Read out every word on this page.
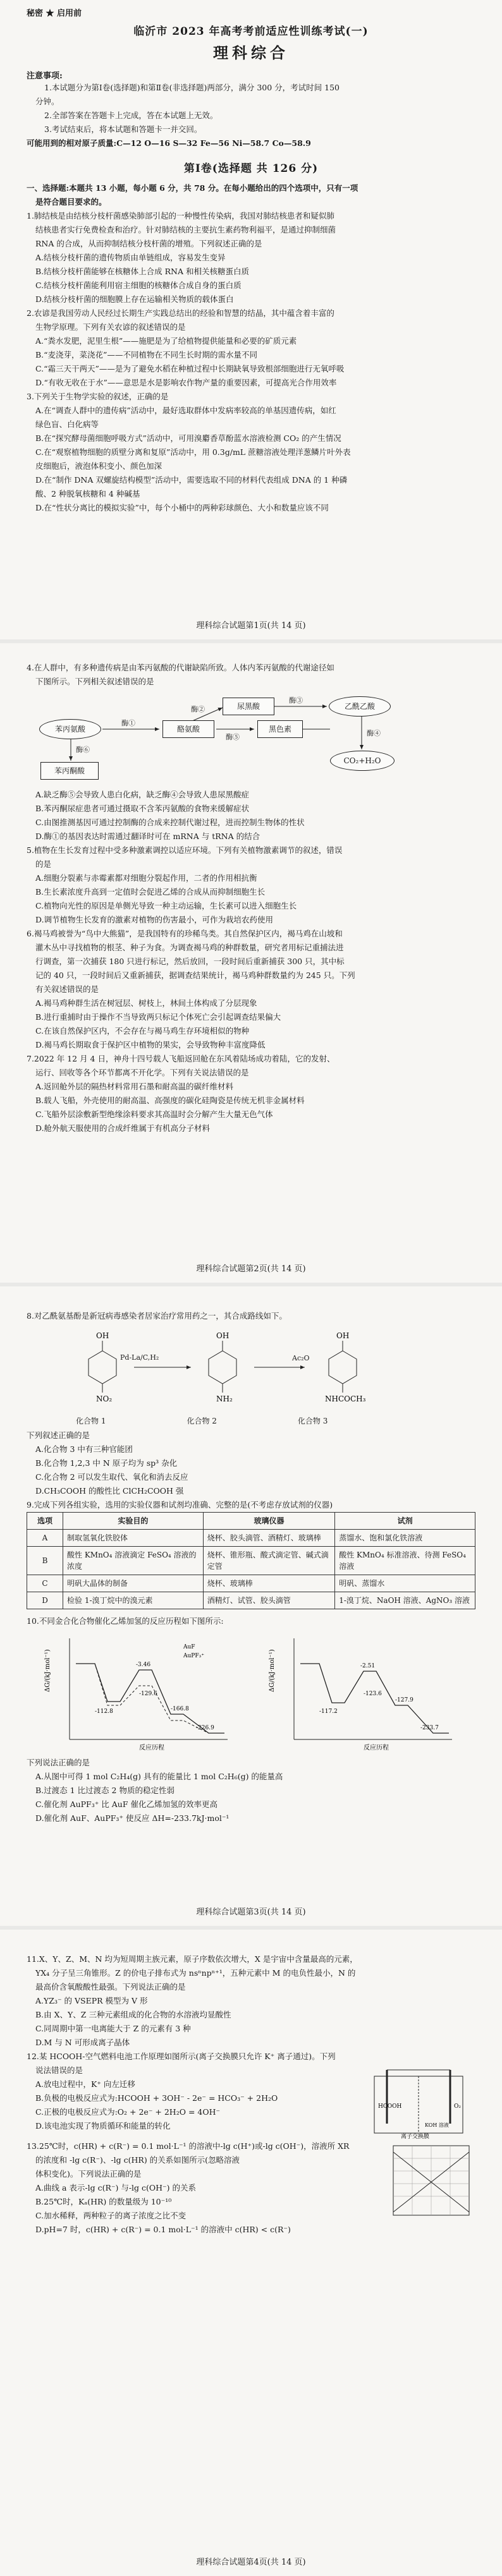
秘密 ★ 启用前
临沂市 2023 年高考考前适应性训练考试(一)
理科综合
注意事项:

1.本试题分为第Ⅰ卷(选择题)和第Ⅱ卷(非选择题)两部分，满分 300 分，考试时间 150

分钟。

2.全部答案在答题卡上完成，答在本试题上无效。

3.考试结束后，将本试题和答题卡一并交回。

可能用到的相对原子质量:C—12 O—16 S—32 Fe—56 Ni—58.7 Co—58.9

第Ⅰ卷(选择题 共 126 分)

一、选择题:本题共 13 小题，每小题 6 分，共 78 分。在每小题给出的四个选项中，只有一项

是符合题目要求的。

1.肺结核是由结核分枝杆菌感染肺部引起的一种慢性传染病，我国对肺结核患者和疑似肺

结核患者实行免费检查和治疗。针对肺结核的主要抗生素药物利福平，是通过抑制细菌

RNA 的合成，从而抑制结核分枝杆菌的增殖。下列叙述正确的是

A.结核分枝杆菌的遗传物质由单链组成，容易发生变异

B.结核分枝杆菌能够在核糖体上合成 RNA 和相关核糖蛋白质

C.结核分枝杆菌能利用宿主细胞的核糖体合成自身的蛋白质

D.结核分枝杆菌的细胞膜上存在运输相关物质的载体蛋白

2.农谚是我国劳动人民经过长期生产实践总结出的经验和智慧的结晶，其中蕴含着丰富的

生物学原理。下列有关农谚的叙述错误的是

A.“粪水发肥，泥里生根”——施肥是为了给植物提供能量和必要的矿质元素

B.“麦浇芽，菜浇花”——不同植物在不同生长时期的需水量不同

C.“霜三天干两天”——是为了避免水稻在种植过程中长期缺氧导致根部细胞进行无氧呼吸

D.“有收无收在于水”——意思是水是影响农作物产量的重要因素，可提高光合作用效率

3.下列关于生物学实验的叙述，正确的是

A.在“调查人群中的遗传病”活动中，最好选取群体中发病率较高的单基因遗传病，如红

绿色盲、白化病等

B.在“探究酵母菌细胞呼吸方式”活动中，可用溴麝香草酚蓝水溶液检测 CO₂ 的产生情况

C.在“观察植物细胞的质壁分离和复原”活动中，用 0.3g/mL 蔗糖溶液处理洋葱鳞片叶外表

皮细胞后，液泡体积变小、颜色加深

D.在“制作 DNA 双螺旋结构模型”活动中，需要选取不同的材料代表组成 DNA 的 1 种磷

酸、2 种脱氧核糖和 4 种碱基

D.在“性状分离比的模拟实验”中，每个小桶中的两种彩球颜色、大小和数量应该不同

理科综合试题第1页(共 14 页)

4.在人群中，有多种遗传病是由苯丙氨酸的代谢缺陷所致。人体内苯丙氨酸的代谢途径如

下图所示。下列相关叙述错误的是

苯丙氨酸	酪氨酸
尿黑酸
黑色素
乙酰乙酸
CO₂+H₂O
苯丙酮酸
酶①
酶⑥
酶②
酶⑤
酶③
酶④

A.缺乏酶⑤会导致人患白化病，缺乏酶④会导致人患尿黑酸症

B.苯丙酮尿症患者可通过摄取不含苯丙氨酸的食物来缓解症状

C.由图推测基因可通过控制酶的合成来控制代谢过程，进而控制生物体的性状

D.酶①的基因表达时需通过翻译时可在 mRNA 与 tRNA 的结合

5.植物在生长发育过程中受多种激素调控以适应环境。下列有关植物激素调节的叙述，错误

的是

A.细胞分裂素与赤霉素都对细胞分裂起作用，二者的作用相抗衡

B.生长素浓度升高到一定值时会促进乙烯的合成从而抑制细胞生长

C.植物向光性的原因是单侧光导致一种主动运输，生长素可以进入细胞生长

D.调节植物生长发育的激素对植物的伤害最小，可作为栽培农药使用

6.褐马鸡被誉为“鸟中大熊猫”，是我国特有的珍稀鸟类。其自然保护区内，褐马鸡在山坡和

灌木丛中寻找植物的根茎、种子为食。为调查褐马鸡的种群数量，研究者用标记重捕法进

行调查，第一次捕获 180 只进行标记，然后放回，一段时间后重新捕获 300 只，其中标

记的 40 只，一段时间后又重新捕获，据调查结果统计，褐马鸡种群数量约为 245 只。下列

有关叙述错误的是

A.褐马鸡种群生活在树冠层、树枝上，林间土体构成了分层现象

B.进行重捕时由于操作不当导致两只标记个体死亡会引起调查结果偏大

C.在该自然保护区内，不会存在与褐马鸡生存环境相似的物种

D.褐马鸡长期取食于保护区中植物的果实，会导致物种丰富度降低

7.2022 年 12 月 4 日，神舟十四号载人飞船返回舱在东风着陆场成功着陆，它的发射、

运行、回收等各个环节都离不开化学。下列有关说法错误的是

A.返回舱外层的隔热材料常用石墨和耐高温的碳纤维材料

B.载人飞船，外壳使用的耐高温、高强度的碳化硅陶瓷是传统无机非金属材料

C.飞船外层涂敷新型绝缘涂料要求其高温时会分解产生大量无色气体

D.舱外航天服使用的合成纤维属于有机高分子材料

理科综合试题第2页(共 14 页)

8.对乙酰氨基酚是新冠病毒感染者居家治疗常用药之一，其合成路线如下。

OH
NO₂
OH
NH₂
OH
NHCOCH₃
Pd-La/C,H₂
化合物 1	化合物 2	化合物 3
Ac₂O

下列叙述正确的是

A.化合物 3 中有三种官能团

B.化合物 1,2,3 中 N 原子均为 sp³ 杂化

C.化合物 2 可以发生取代、氧化和消去反应

D.CH₃COOH 的酸性比 ClCH₂COOH 强

9.完成下列各组实验，选用的实验仪器和试剂均准确、完整的是(不考虑存放试剂的仪器)

选项	实验目的	玻璃仪器	试剂
A	制取氢氧化铁胶体	烧杯、胶头滴管、酒精灯、玻璃棒	蒸馏水、饱和氯化铁溶液
B	酸性 KMnO₄ 溶液滴定 FeSO₄ 溶液的浓度	烧杯、锥形瓶、酸式滴定管、碱式滴定管	酸性 KMnO₄ 标准溶液、待测 FeSO₄ 溶液
C	明矾大晶体的制备	烧杯、玻璃棒	明矾、蒸馏水
D	检验 1-溴丁烷中的溴元素	酒精灯、试管、胶头滴管	1-溴丁烷、NaOH 溶液、AgNO₃ 溶液

10.不同金合化合物催化乙烯加氢的反应历程如下图所示:

ΔG/(kJ·mol⁻¹)
反应历程
-112.8
-129.6
-3.46
-166.8
-226.9
AuF
AuPF₃⁺	ΔG/(kJ·mol⁻¹)
反应历程
-117.2
-123.6
-2.51
-127.9
-233.7

下列说法正确的是

A.从图中可得 1 mol C₂H₄(g) 具有的能量比 1 mol C₂H₆(g) 的能量高

B.过渡态 1 比过渡态 2 物质的稳定性弱

C.催化剂 AuPF₃⁺ 比 AuF 催化乙烯加氢的效率更高

D.催化剂 AuF、AuPF₃⁺ 使反应 ΔH=-233.7kJ·mol⁻¹

理科综合试题第3页(共 14 页)

11.X、Y、Z、M、N 均为短周期主族元素，原子序数依次增大，X 是宇宙中含量最高的元素，

YX₄ 分子呈三角锥形。Z 的价电子排布式为 nsⁿnpⁿ⁺¹，五种元素中 M 的电负性最小，N 的

最高价含氧酸酸性最强。下列说法正确的是

A.YZ₃⁻ 的 VSEPR 模型为 V 形

B.由 X、Y、Z 三种元素组成的化合物的水溶液均显酸性

C.同周期中第一电离能大于 Z 的元素有 3 种

D.M 与 N 可形成离子晶体

12.某 HCOOH-空气燃料电池工作原理如图所示(离子交换膜只允许 K⁺ 离子通过)。下列

说法错误的是

A.放电过程中，K⁺ 向左迁移

B.负极的电极反应式为:HCOOH + 3OH⁻ - 2e⁻ = HCO₃⁻ + 2H₂O

C.正极的电极反应式为:O₂ + 2e⁻ + 2H₂O = 4OH⁻

D.该电池实现了物质循环和能量的转化

HCOOH	O₂
离子交换膜
KOH 溶液

13.25℃时，c(HR) + c(R⁻) = 0.1 mol·L⁻¹ 的溶液中-lg c(H⁺)或-lg c(OH⁻)，溶液所 XR

的浓度和 -lg c(R⁻)、-lg c(HR) 的关系如图所示(忽略溶液

体积变化)。下列说法正确的是

A.曲线 a 表示-lg c(R⁻) 与-lg c(OH⁻) 的关系

B.25℃时，Kₐ(HR) 的数量级为 10⁻¹⁰

C.加水稀释，两种粒子的离子浓度之比不变

D.pH=7 时，c(HR) + c(R⁻) = 0.1 mol·L⁻¹ 的溶液中 c(HR) < c(R⁻)

理科综合试题第4页(共 14 页)
